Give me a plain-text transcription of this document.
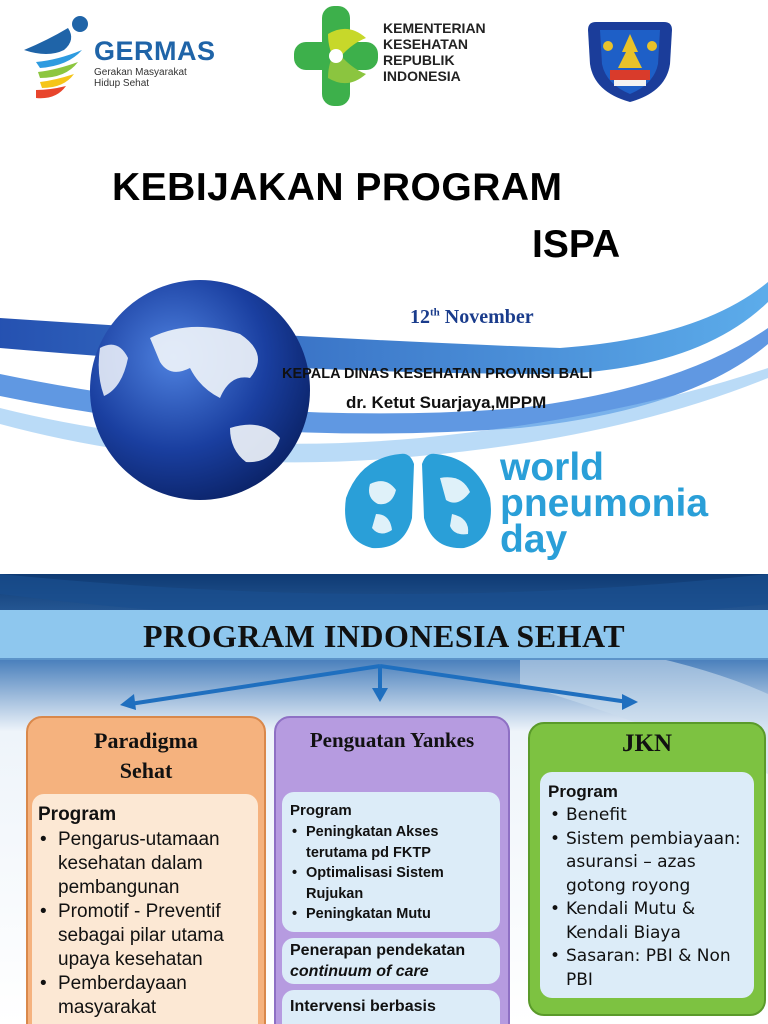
GERMAS
Gerakan Masyarakat
Hidup Sehat
KEMENTERIAN
KESEHATAN
REPUBLIK
INDONESIA
KEBIJAKAN PROGRAM
ISPA
12th November
KEPALA DINAS KESEHATAN PROVINSI BALI
dr. Ketut Suarjaya,MPPM
world
pneumonia
day
PROGRAM INDONESIA SEHAT
Paradigma
Sehat
Program
• Pengarus-utamaan kesehatan dalam pembangunan
• Promotif - Preventif sebagai pilar utama upaya kesehatan
• Pemberdayaan masyarakat
Penguatan Yankes
Program
• Peningkatan Akses terutama pd FKTP
• Optimalisasi Sistem Rujukan
• Peningkatan Mutu
Penerapan pendekatan
continuum of care
Intervensi berbasis
JKN
Program
• Benefit
• Sistem pembiayaan: asuransi – azas gotong royong
• Kendali Mutu & Kendali Biaya
• Sasaran: PBI & Non PBI
